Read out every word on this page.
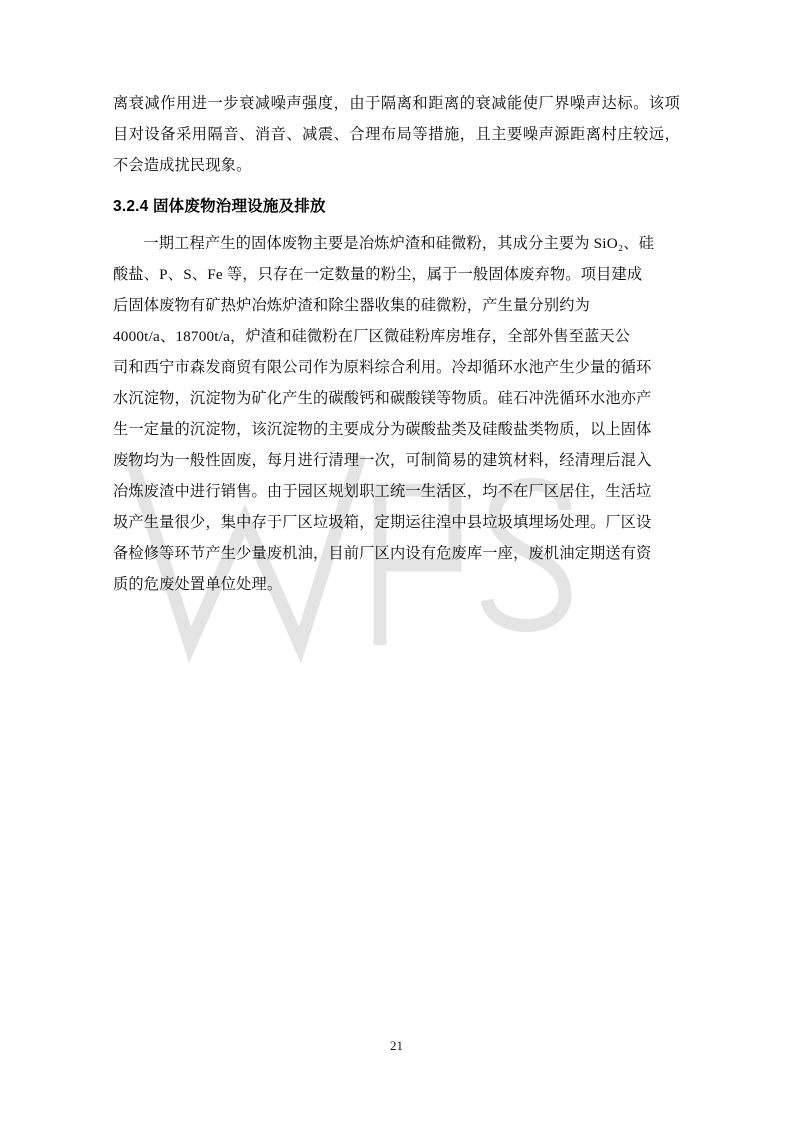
离衰减作用进一步衰减噪声强度，由于隔离和距离的衰减能使厂界噪声达标。该项目对设备采用隔音、消音、减震、合理布局等措施，且主要噪声源距离村庄较远，不会造成扰民现象。

3.2.4 固体废物治理设施及排放

一期工程产生的固体废物主要是冶炼炉渣和硅微粉，其成分主要为 SiO₂、硅

酸盐、P、S、Fe 等，只存在一定数量的粉尘，属于一般固体废弃物。项目建成

后固体废物有矿热炉冶炼炉渣和除尘器收集的硅微粉，产生量分别约为

4000t/a、18700t/a，炉渣和硅微粉在厂区微硅粉库房堆存，全部外售至蓝天公

司和西宁市森发商贸有限公司作为原料综合利用。冷却循环水池产生少量的循环

水沉淀物，沉淀物为矿化产生的碳酸钙和碳酸镁等物质。硅石冲洗循环水池亦产

生一定量的沉淀物，该沉淀物的主要成分为碳酸盐类及硅酸盐类物质，以上固体

废物均为一般性固废，每月进行清理一次，可制简易的建筑材料，经清理后混入

冶炼废渣中进行销售。由于园区规划职工统一生活区，均不在厂区居住，生活垃

圾产生量很少，集中存于厂区垃圾箱，定期运往湟中县垃圾填埋场处理。厂区设

备检修等环节产生少量废机油，目前厂区内设有危废库一座，废机油定期送有资

质的危废处置单位处理。

21
